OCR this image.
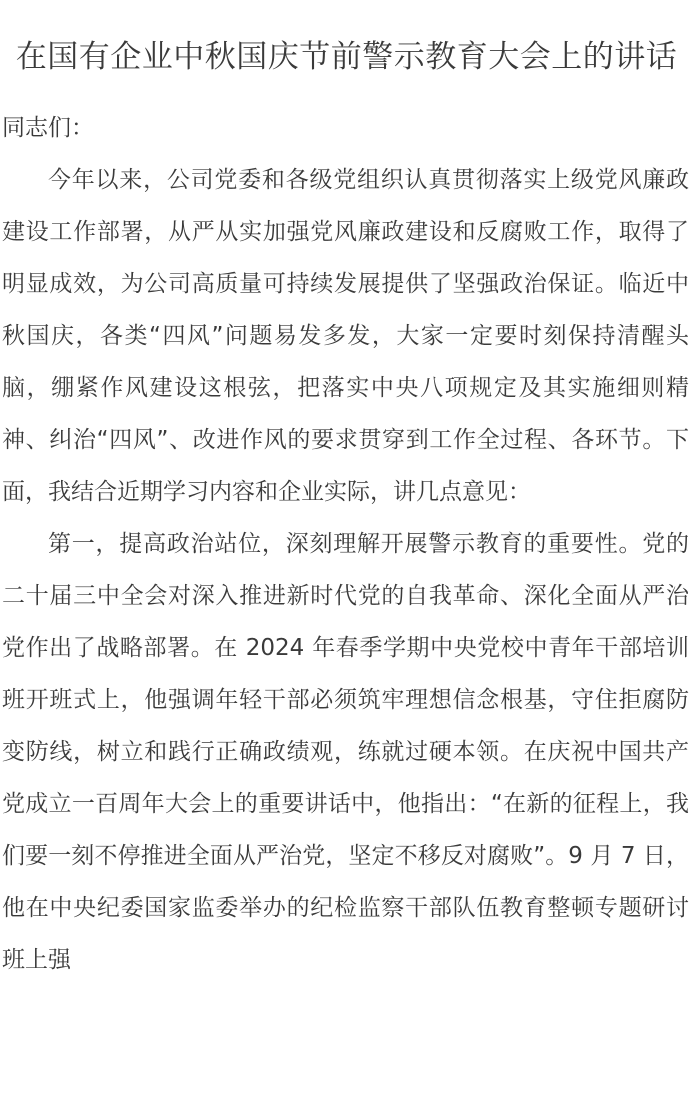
在国有企业中秋国庆节前警示教育大会上的讲话

同志们：

今年以来，公司党委和各级党组织认真贯彻落实上级党风廉政建设工作部署，从严从实加强党风廉政建设和反腐败工作，取得了明显成效，为公司高质量可持续发展提供了坚强政治保证。临近中秋国庆，各类“四风”问题易发多发，大家一定要时刻保持清醒头脑，绷紧作风建设这根弦，把落实中央八项规定及其实施细则精神、纠治“四风”、改进作风的要求贯穿到工作全过程、各环节。下面，我结合近期学习内容和企业实际，讲几点意见：

第一，提高政治站位，深刻理解开展警示教育的重要性。党的二十届三中全会对深入推进新时代党的自我革命、深化全面从严治党作出了战略部署。在 2024 年春季学期中央党校中青年干部培训班开班式上，他强调年轻干部必须筑牢理想信念根基，守住拒腐防变防线，树立和践行正确政绩观，练就过硬本领。在庆祝中国共产党成立一百周年大会上的重要讲话中，他指出：“在新的征程上，我们要一刻不停推进全面从严治党，坚定不移反对腐败”。9 月 7 日，他在中央纪委国家监委举办的纪检监察干部队伍教育整顿专题研讨班上强
